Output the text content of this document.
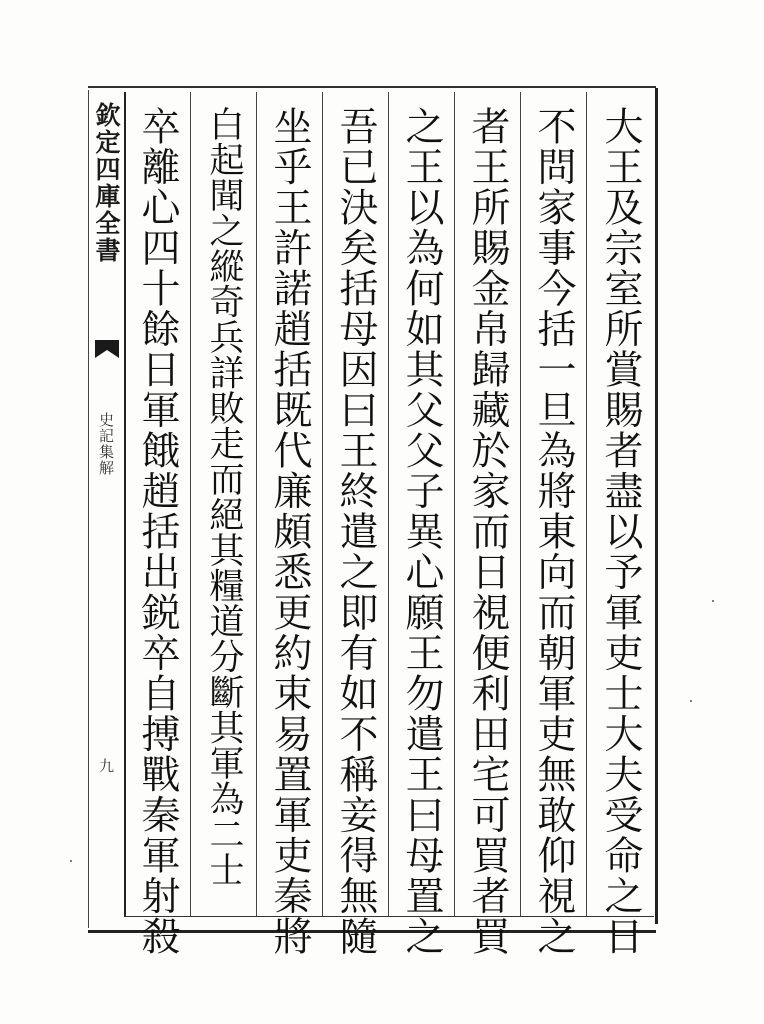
欽定四庫全書
史記集解
九	大王及宗室所賞賜者盡以予軍吏士大夫受命之日
不問家事今括一旦為將東向而朝軍吏無敢仰視之
者王所賜金帛歸藏於家而日視便利田宅可買者買
之王以為何如其父父子異心願王勿遣王曰母置之
吾已決矣括母因曰王終遣之即有如不稱妾得無隨
坐乎王許諾趙括既代廉頗悉更約束易置軍吏秦將
白起聞之縱奇兵詳敗走而絕其糧道分斷其軍為二士
卒離心四十餘日軍餓趙括出鋭卒自搏戰秦軍射殺
